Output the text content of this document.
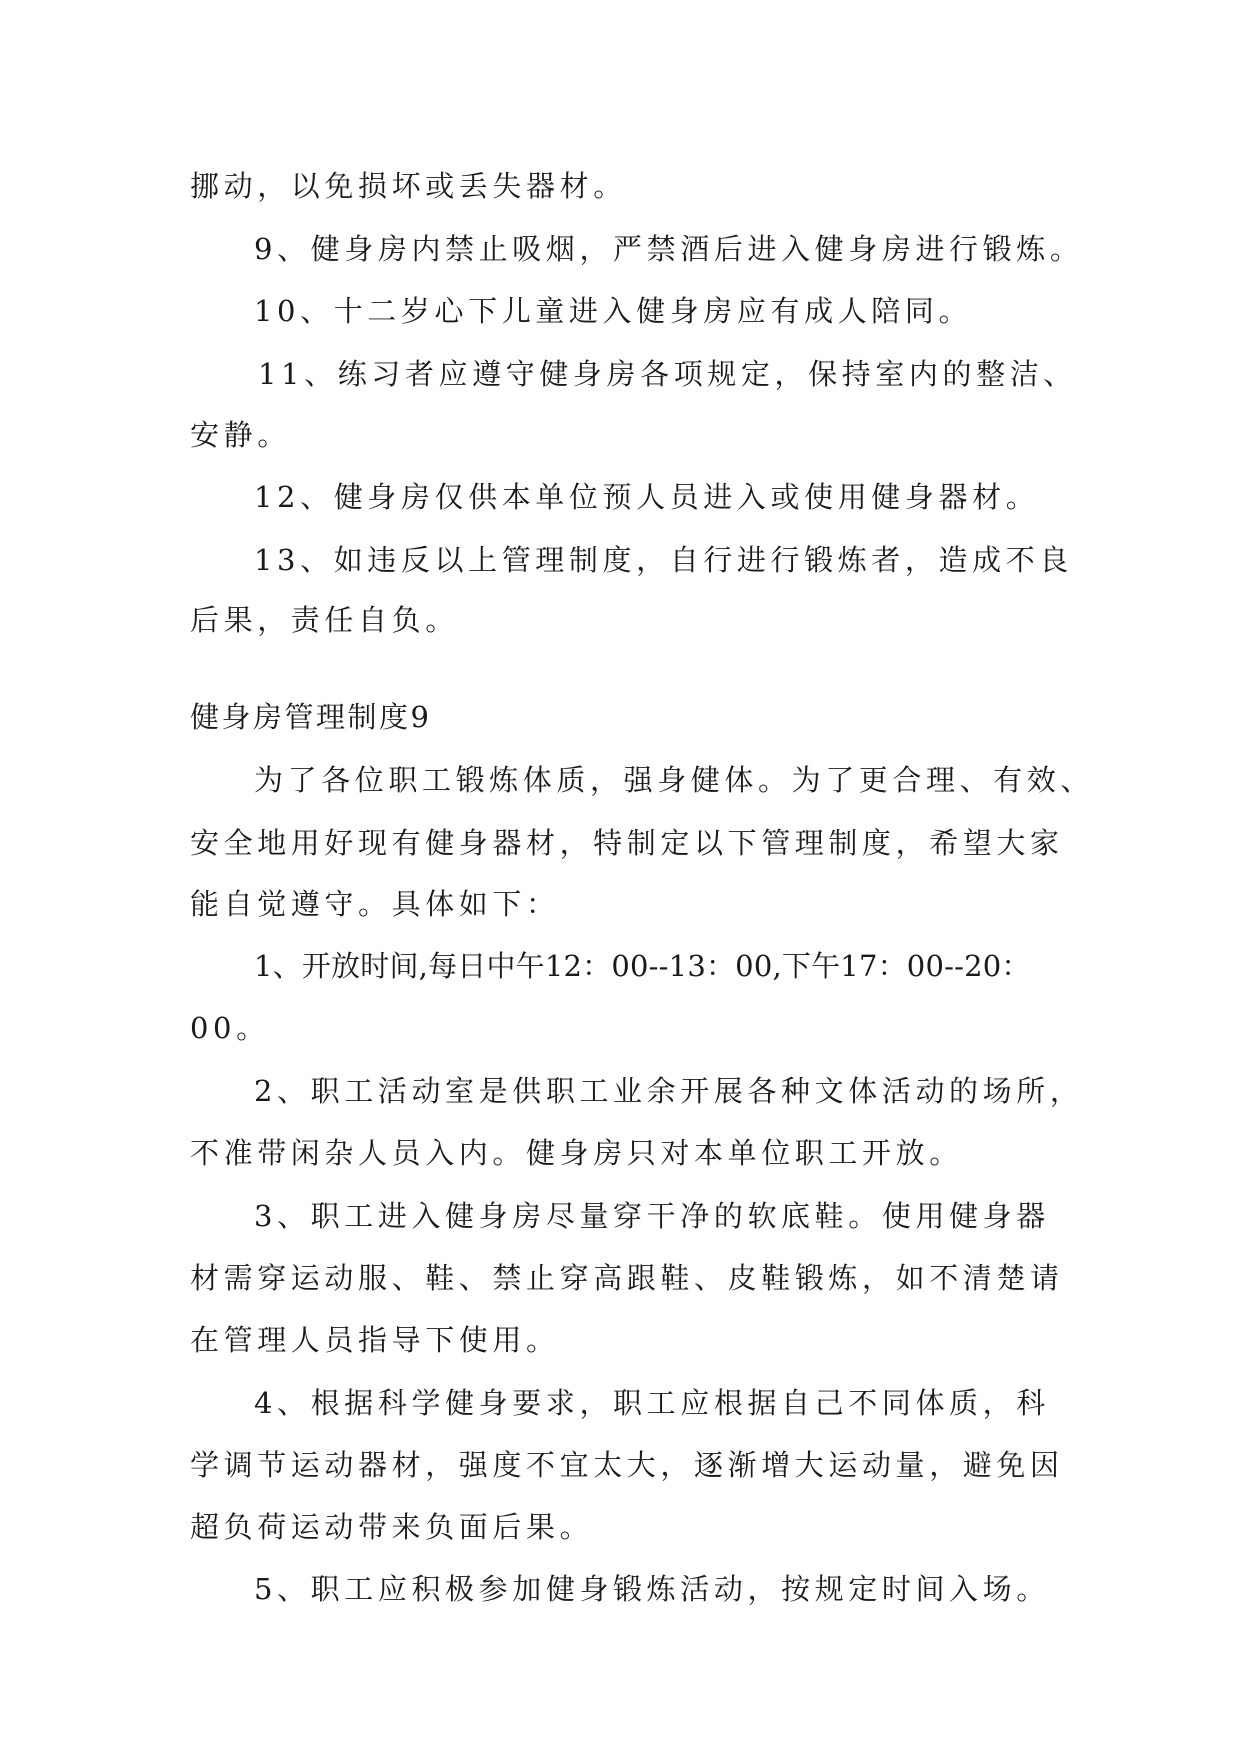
挪动，以免损坏或丢失器材。
9、健身房内禁止吸烟，严禁酒后进入健身房进行锻炼。
10、十二岁心下儿童进入健身房应有成人陪同。
11、练习者应遵守健身房各项规定，保持室内的整洁、
安静。
12、健身房仅供本单位预人员进入或使用健身器材。
13、如违反以上管理制度，自行进行锻炼者，造成不良
后果，责任自负。
健身房管理制度9
为了各位职工锻炼体质，强身健体。为了更合理、有效、
安全地用好现有健身器材，特制定以下管理制度，希望大家
能自觉遵守。具体如下：
1、开放时间,每日中午12：00--13：00,下午17：00--20：
00。
2、职工活动室是供职工业余开展各种文体活动的场所，
不准带闲杂人员入内。健身房只对本单位职工开放。
3、职工进入健身房尽量穿干净的软底鞋。使用健身器
材需穿运动服、鞋、禁止穿高跟鞋、皮鞋锻炼，如不清楚请
在管理人员指导下使用。
4、根据科学健身要求，职工应根据自己不同体质，科
学调节运动器材，强度不宜太大，逐渐增大运动量，避免因
超负荷运动带来负面后果。
5、职工应积极参加健身锻炼活动，按规定时间入场。
